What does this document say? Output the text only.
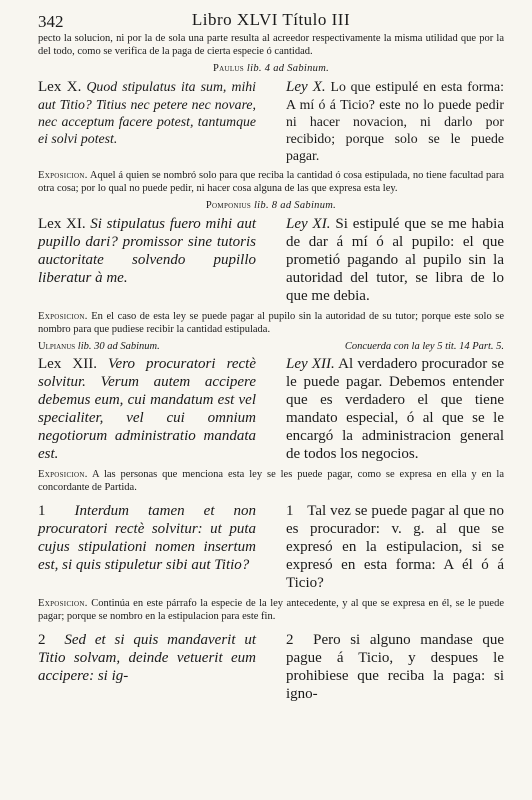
342	Libro XLVI Título III
pecto la solucion, ni por la de sola una parte resulta al acreedor respectivamente la misma utilidad que por la del todo, como se verifica de la paga de cierta especie ó cantidad.
Paulus lib. 4 ad Sabinum.
Lex X. Quod stipulatus ita sum, mihi aut Titio? Titius nec petere nec novare, nec acceptum facere potest, tantumque ei solvi potest.
Ley X. Lo que estipulé en esta forma: A mí ó á Ticio? este no lo puede pedir ni hacer novacion, ni darlo por recibido; porque solo se le puede pagar.
Exposicion. Aquel á quien se nombró solo para que reciba la cantidad ó cosa estipulada, no tiene facultad para otra cosa; por lo qual no puede pedir, ni hacer cosa alguna de las que expresa esta ley.
Pomponius lib. 8 ad Sabinum.
Lex XI. Si stipulatus fuero mihi aut pupillo dari? promissor sine tutoris auctoritate solvendo pupillo liberatur à me.
Ley XI. Si estipulé que se me habia de dar á mí ó al pupilo: el que prometió pagando al pupilo sin la autoridad del tutor, se libra de lo que me debia.
Exposicion. En el caso de esta ley se puede pagar al pupilo sin la autoridad de su tutor; porque este solo se nombro para que pudiese recibir la cantidad estipulada.
Ulpianus lib. 30 ad Sabinum.	Concuerda con la ley 5 tit. 14 Part. 5.
Lex XII. Vero procuratori rectè solvitur. Verum autem accipere debemus eum, cui mandatum est vel specialiter, vel cui omnium negotiorum administratio mandata est.
Ley XII. Al verdadero procurador se le puede pagar. Debemos entender que es verdadero el que tiene mandato especial, ó al que se le encargó la administracion general de todos los negocios.
Exposicion. A las personas que menciona esta ley se les puede pagar, como se expresa en ella y en la concordante de Partida.
1 Interdum tamen et non procuratori rectè solvitur: ut puta cujus stipulationi nomen insertum est, si quis stipuletur sibi aut Titio?
1 Tal vez se puede pagar al que no es procurador: v. g. al que se expresó en la estipulacion, si se expresó en esta forma: A él ó á Ticio?
Exposicion. Continúa en este párrafo la especie de la ley antecedente, y al que se expresa en él, se le puede pagar; porque se nombro en la estipulacion para este fin.
2 Sed et si quis mandaverit ut Titio solvam, deinde vetuerit eum accipere: si ig-
2 Pero si alguno mandase que pague á Ticio, y despues le prohibiese que reciba la paga: si igno-
